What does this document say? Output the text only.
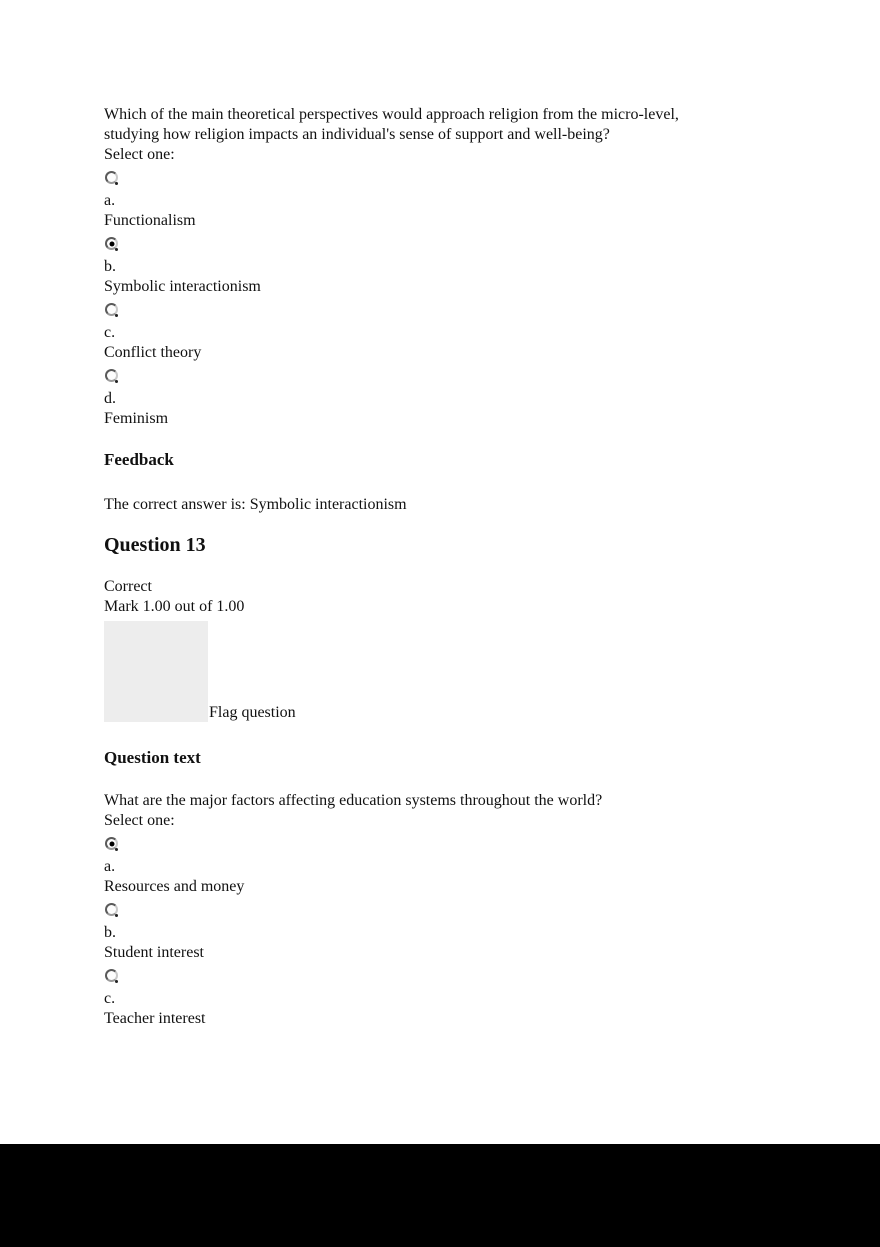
Which of the main theoretical perspectives would approach religion from the micro-level, studying how religion impacts an individual's sense of support and well-being?
Select one:
a.
Functionalism
b.
Symbolic interactionism
c.
Conflict theory
d.
Feminism
Feedback
The correct answer is: Symbolic interactionism
Question 13
Correct
Mark 1.00 out of 1.00
Flag question
Question text
What are the major factors affecting education systems throughout the world?
Select one:
a.
Resources and money
b.
Student interest
c.
Teacher interest
